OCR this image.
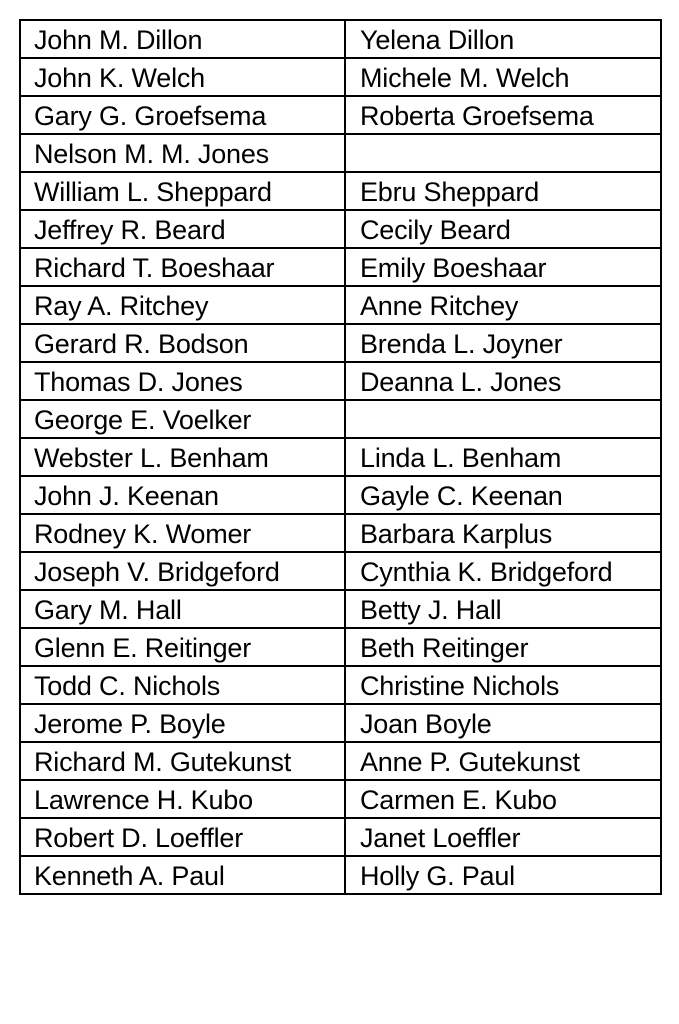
John M. Dillon	Yelena Dillon
John K. Welch	Michele M. Welch
Gary G. Groefsema	Roberta Groefsema
Nelson M. M. Jones	
William L. Sheppard	Ebru Sheppard
Jeffrey R. Beard	Cecily Beard
Richard T. Boeshaar	Emily Boeshaar
Ray A. Ritchey	Anne Ritchey
Gerard R. Bodson	Brenda L. Joyner
Thomas D. Jones	Deanna L. Jones
George E. Voelker	
Webster L. Benham	Linda L. Benham
John J. Keenan	Gayle C. Keenan
Rodney K. Womer	Barbara Karplus
Joseph V. Bridgeford	Cynthia K. Bridgeford
Gary M. Hall	Betty J. Hall
Glenn E. Reitinger	Beth Reitinger
Todd C. Nichols	Christine Nichols
Jerome P. Boyle	Joan Boyle
Richard M. Gutekunst	Anne P. Gutekunst
Lawrence H. Kubo	Carmen E. Kubo
Robert D. Loeffler	Janet Loeffler
Kenneth A. Paul	Holly G. Paul
